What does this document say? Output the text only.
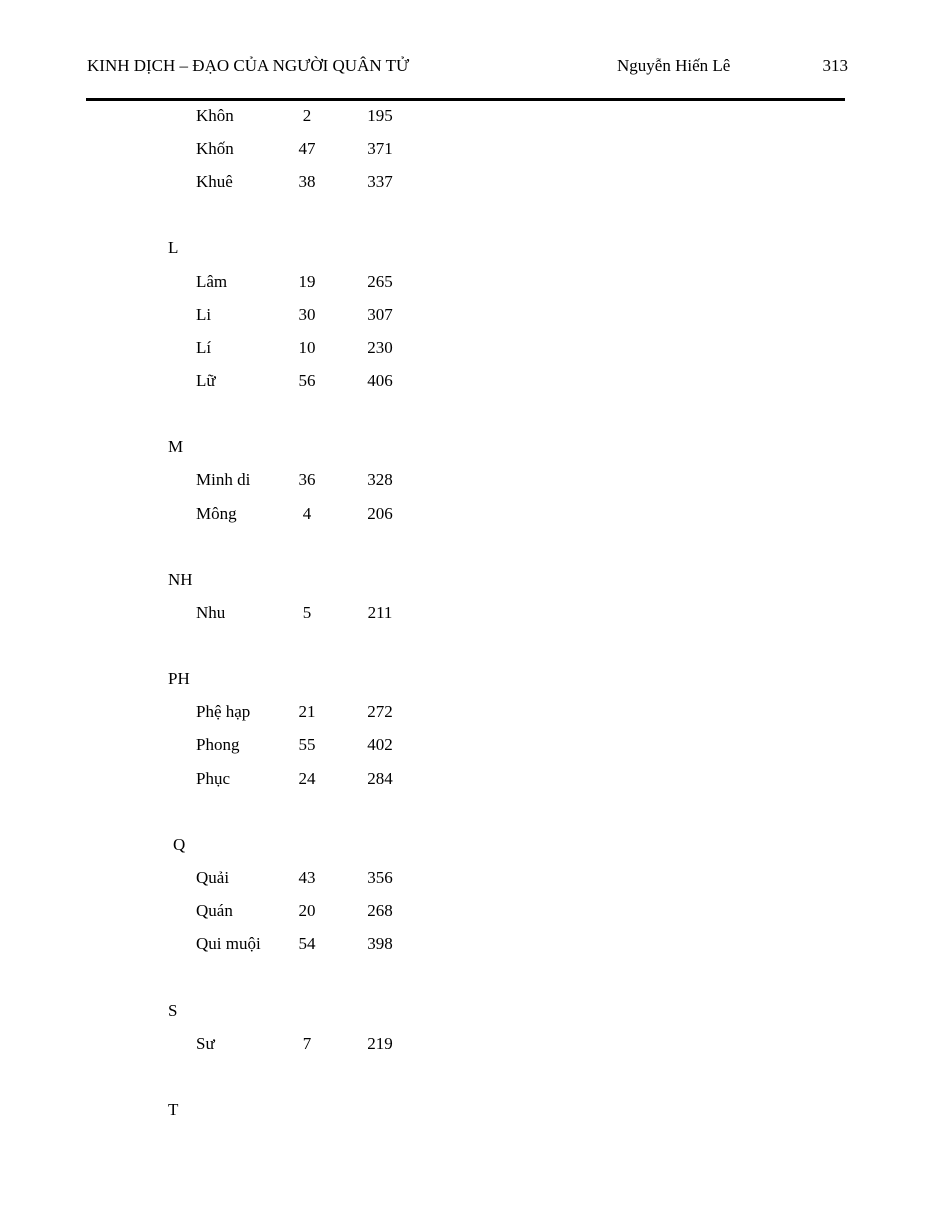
KINH DỊCH – ĐẠO CỦA NGƯỜI QUÂN TỬ	Nguyễn Hiến Lê	313
Khôn	2	195
Khốn	47	371
Khuê	38	337
L
Lâm	19	265
Li	30	307
Lí	10	230
Lữ	56	406
M
Minh di	36	328
Mông	4	206
NH
Nhu	5	211
PH
Phệ hạp	21	272
Phong	55	402
Phục	24	284
Q
Quải	43	356
Quán	20	268
Qui muội	54	398
S
Sư	7	219
T
